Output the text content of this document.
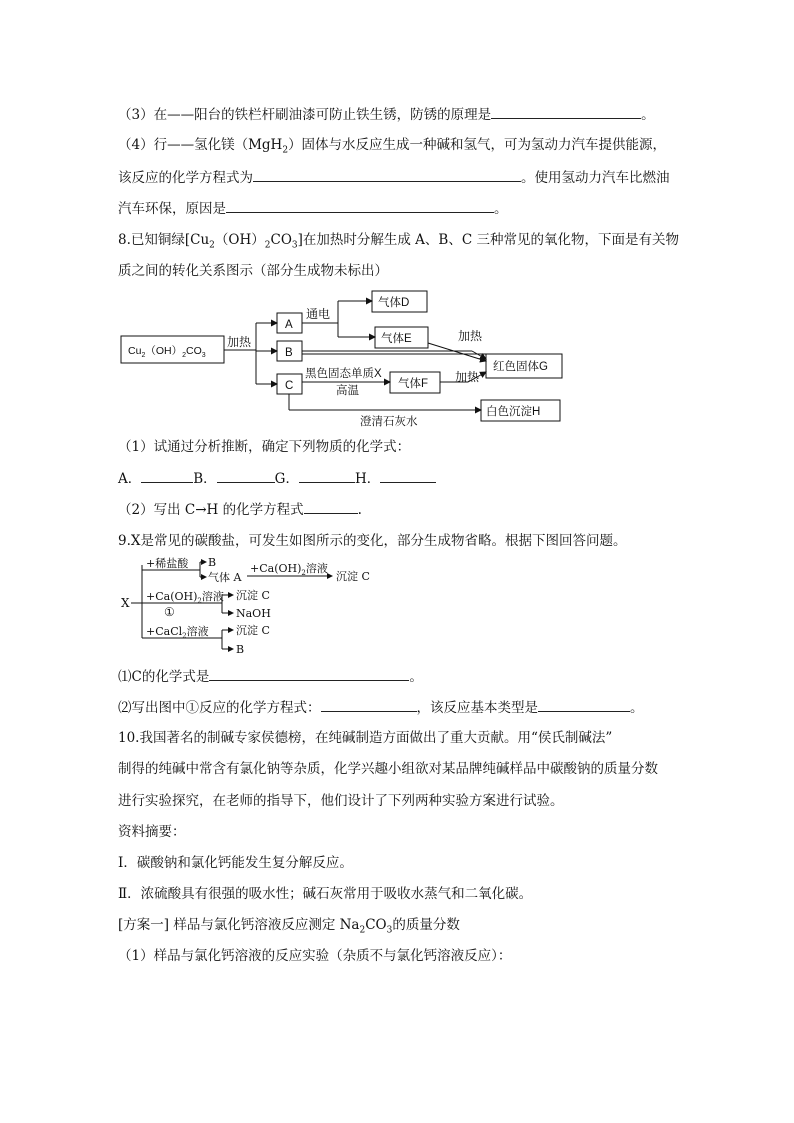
（3）在——阳台的铁栏杆刷油漆可防止铁生锈，防锈的原理是	。
（4）行——氢化镁（MgH$_2$）固体与水反应生成一种碱和氢气，可为氢动力汽车提供能源，
该反应的化学方程式为	。使用氢动力汽车比燃油
汽车环保，原因是	。
8.已知铜绿$[Cu_2(OH)_2CO_3]$在加热时分解生成 A、B、C 三种常见的氧化物，下面是有关物
质之间的转化关系图示（部分生成物未标出）
$Cu_2(OH)_2CO_3$
加热
A
B
C
通电
气体D
气体E	加热
红色固体G
黑色固态单质X
高温
气体F 加热
澄清石灰水
白色沉淀H
（1）试通过分析推断，确定下列物质的化学式：
A．	B．	G．	H．
（2）写出 C→H 的化学方程式	.
9.X是常见的碳酸盐，可发生如图所示的变化，部分生成物省略。根据下图回答问题。
X
+稀盐酸 B
气体 A
$+Ca(OH)_2$溶液
沉淀 C
$+Ca(OH)_2$溶液
①
沉淀 C
NaOH
+CaCl$_2$溶液 沉淀 C
B
⑴C的化学式是	。
⑵写出图中①反应的化学方程式：	，该反应基本类型是	。
10.我国著名的制碱专家侯德榜，在纯碱制造方面做出了重大贡献。用“侯氏制碱法”
制得的纯碱中常含有氯化钠等杂质，化学兴趣小组欲对某品牌纯碱样品中碳酸钠的质量分数
进行实验探究，在老师的指导下，他们设计了下列两种实验方案进行试验。
资料摘要：
Ⅰ．碳酸钠和氯化钙能发生复分解反应。
Ⅱ．浓硫酸具有很强的吸水性；碱石灰常用于吸收水蒸气和二氧化碳。
[方案一] 样品与氯化钙溶液反应测定 $Na_2CO_3$的质量分数
（1）样品与氯化钙溶液的反应实验（杂质不与氯化钙溶液反应）：
